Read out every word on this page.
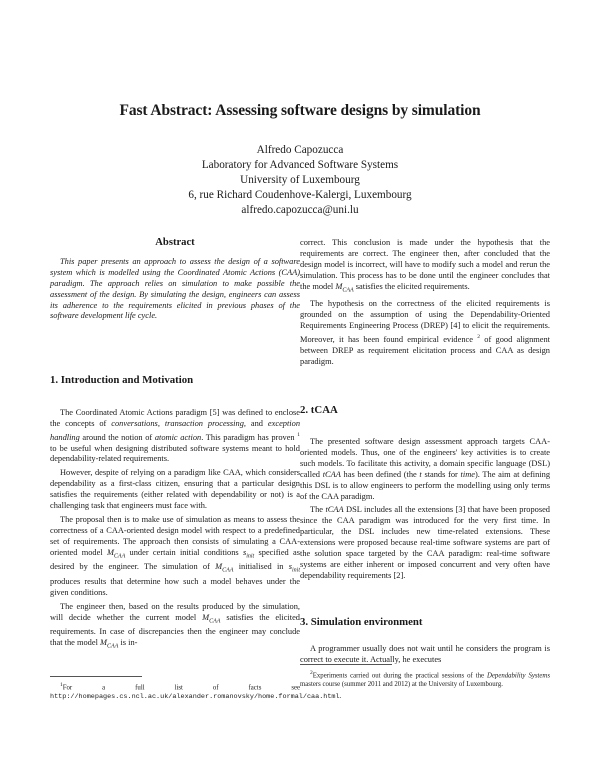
Fast Abstract: Assessing software designs by simulation
Alfredo Capozucca
Laboratory for Advanced Software Systems
University of Luxembourg
6, rue Richard Coudenhove-Kalergi, Luxembourg
alfredo.capozucca@uni.lu
Abstract

This paper presents an approach to assess the design of a software system which is modelled using the Coordinated Atomic Actions (CAA) paradigm. The approach relies on simulation to make possible the assessment of the design. By simulating the design, engineers can assess its adherence to the requirements elicited in previous phases of the software development life cycle.

1. Introduction and Motivation

The Coordinated Atomic Actions paradigm [5] was defined to enclose the concepts of conversations, transaction processing, and exception handling around the notion of atomic action. This paradigm has proven $^1$ to be useful when designing distributed software systems meant to hold dependability-related requirements.

However, despite of relying on a paradigm like CAA, which considers dependability as a first-class citizen, ensuring that a particular design satisfies the requirements (either related with dependability or not) is a challenging task that engineers must face with.

The proposal then is to make use of simulation as means to assess the correctness of a CAA-oriented design model with respect to a predefined set of requirements. The approach then consists of simulating a CAA-oriented model $M_{CAA}$ under certain initial conditions $s_{init}$ specified as desired by the engineer. The simulation of $M_{CAA}$ initialised in $s_{init}$ produces results that determine how such a model behaves under the given conditions.

The engineer then, based on the results produced by the simulation, will decide whether the current model $M_{CAA}$ satisfies the elicited requirements. In case of discrepancies then the engineer may conclude that the model $M_{CAA}$ is in-

$^1$For a full list of facts see http://homepages.cs.ncl.ac.uk/alexander.romanovsky/home.formal/caa.html.

correct. This conclusion is made under the hypothesis that the requirements are correct. The engineer then, after concluded that the design model is incorrect, will have to modify such a model and rerun the simulation. This process has to be done until the engineer concludes that the model $M_{CAA}$ satisfies the elicited requirements.

The hypothesis on the correctness of the elicited requirements is grounded on the assumption of using the Dependability-Oriented Requirements Engineering Process (DREP) [4] to elicit the requirements. Moreover, it has been found empirical evidence $^2$ of good alignment between DREP as requirement elicitation process and CAA as design paradigm.

2. tCAA

The presented software design assessment approach targets CAA-oriented models. Thus, one of the engineers' key activities is to create such models. To facilitate this activity, a domain specific language (DSL) called tCAA has been defined (the t stands for time). The aim at defining this DSL is to allow engineers to perform the modelling using only terms of the CAA paradigm.

The tCAA DSL includes all the extensions [3] that have been proposed since the CAA paradigm was introduced for the very first time. In particular, the DSL includes new time-related extensions. These extensions were proposed because real-time software systems are part of the solution space targeted by the CAA paradigm: real-time software systems are either inherent or imposed concurrent and very often have dependability requirements [2].

3. Simulation environment

A programmer usually does not wait until he considers the program is correct to execute it. Actually, he executes

$^2$Experiments carried out during the practical sessions of the Dependability Systems masters course (summer 2011 and 2012) at the University of Luxembourg.
